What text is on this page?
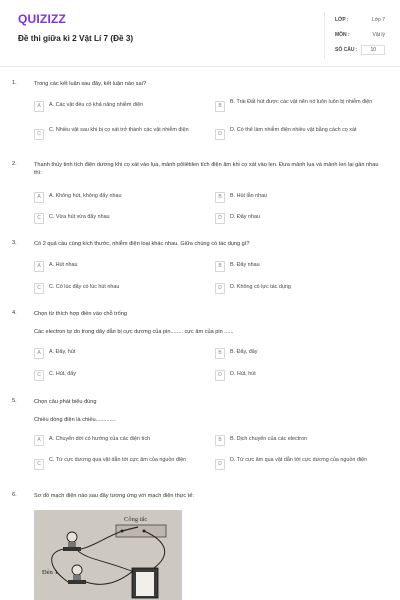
QUIZIZZ
Đề thi giữa kì 2 Vật Lí 7 (Đề 3)
LỚP :	Lớp 7
MÔN :	Vật lý
SỐ CÂU :	10
1.	Trong các kết luận sau đây, kết luận nào sai?
A	A. Các vật đều có khả năng nhiễm điện	B
B. Trái Đất hút được các vật nên nó luôn luôn bị nhiễm điện
C
C. Nhiều vật sau khi bị cọ xát trở thành các vật nhiễm điện
D
D. Có thể làm nhiễm điện nhiều vật bằng cách cọ xát
2.	Thanh thủy tinh tích điện dương khi cọ xát vào lụa, mảnh pôliêtilen tích điện âm khi cọ xát vào len. Đưa mảnh lụa và mảnh len lại gần nhau thì:
A	A. Không hút, không đẩy nhau	B	B. Hút lẫn nhau
C	C. Vừa hút vừa đẩy nhau	D	D. Đẩy nhau
3.	Có 2 quả cầu cùng kích thước, nhiễm điện loại khác nhau. Giữa chúng có tác dụng gì?
A	A. Hút nhau	B	B. Đẩy nhau
C	C. Có lúc đẩy có lúc hút nhau	D	D. Không có lực tác dụng
4.	Chọn từ thích hợp điền vào chỗ trống
Các electron tự do trong dây dẫn bị cực dương của pin........ cực âm của pin ......
A	A. Đẩy, hút	B	B. Đẩy, đẩy
C	C. Hút, đẩy	D	D. Hút, hút
5.	Chọn câu phát biểu đúng
Chiều dòng điện là chiều.............
A	A. Chuyển dời có hướng của các điện tích	B	B. Dịch chuyển của các electron
C
C. Từ cực dương qua vật dẫn tới cực âm của nguồn điện
D
D. Từ cực âm qua vật dẫn tới cực dương của nguồn điện
6.	Sơ đồ mạch điện nào sau đây tương ứng với mạch điện thực tế:
Công tắc
Đèn 1
